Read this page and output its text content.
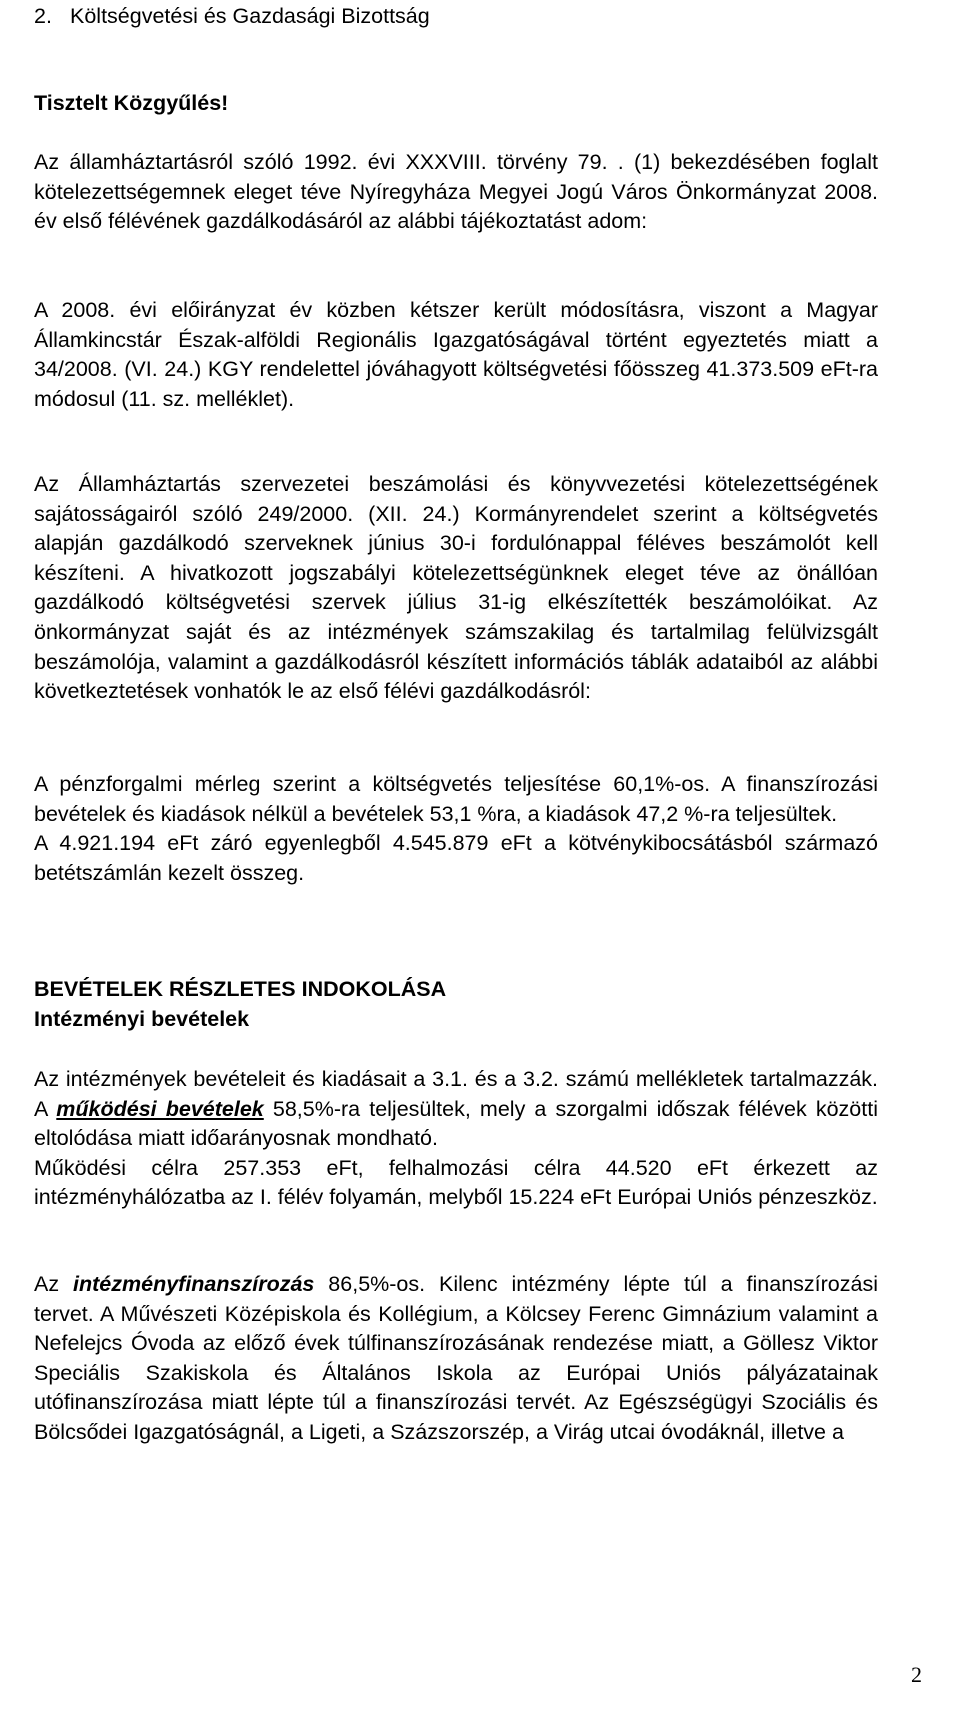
2. Költségvetési és Gazdasági Bizottság
Tisztelt Közgyűlés!

Az államháztartásról szóló 1992. évi XXXVIII. törvény 79. . (1) bekezdésében foglalt kötelezettségemnek eleget téve Nyíregyháza Megyei Jogú Város Önkormányzat 2008. év első félévének gazdálkodásáról az alábbi tájékoztatást adom:

A 2008. évi előirányzat év közben kétszer került módosításra, viszont a Magyar Államkincstár Észak-alföldi Regionális Igazgatóságával történt egyeztetés miatt a 34/2008. (VI. 24.) KGY rendelettel jóváhagyott költségvetési főösszeg 41.373.509 eFt-ra módosul (11. sz. melléklet).

Az Államháztartás szervezetei beszámolási és könyvvezetési kötelezettségének sajátosságairól szóló 249/2000. (XII. 24.) Kormányrendelet szerint a költségvetés alapján gazdálkodó szerveknek június 30-i fordulónappal féléves beszámolót kell készíteni. A hivatkozott jogszabályi kötelezettségünknek eleget téve az önállóan gazdálkodó költségvetési szervek július 31-ig elkészítették beszámolóikat. Az önkormányzat saját és az intézmények számszakilag és tartalmilag felülvizsgált beszámolója, valamint a gazdálkodásról készített információs táblák adataiból az alábbi következtetések vonhatók le az első félévi gazdálkodásról:

A pénzforgalmi mérleg szerint a költségvetés teljesítése 60,1%-os. A finanszírozási bevételek és kiadások nélkül a bevételek 53,1 %ra, a kiadások 47,2 %-ra teljesültek.

A 4.921.194 eFt záró egyenlegből 4.545.879 eFt a kötvénykibocsátásból származó betétszámlán kezelt összeg.

BEVÉTELEK RÉSZLETES INDOKOLÁSA
Intézményi bevételek

Az intézmények bevételeit és kiadásait a 3.1. és a 3.2. számú mellékletek tartalmazzák. A működési bevételek 58,5%-ra teljesültek, mely a szorgalmi időszak félévek közötti eltolódása miatt időarányosnak mondható.

Működési célra 257.353 eFt, felhalmozási célra 44.520 eFt érkezett az intézményhálózatba az I. félév folyamán, melyből 15.224 eFt Európai Uniós pénzeszköz.

Az intézményfinanszírozás 86,5%-os. Kilenc intézmény lépte túl a finanszírozási tervet. A Művészeti Középiskola és Kollégium, a Kölcsey Ferenc Gimnázium valamint a Nefelejcs Óvoda az előző évek túlfinanszírozásának rendezése miatt, a Göllesz Viktor Speciális Szakiskola és Általános Iskola az Európai Uniós pályázatainak utófinanszírozása miatt lépte túl a finanszírozási tervét. Az Egészségügyi Szociális és Bölcsődei Igazgatóságnál, a Ligeti, a Százszorszép, a Virág utcai óvodáknál, illetve a

2
